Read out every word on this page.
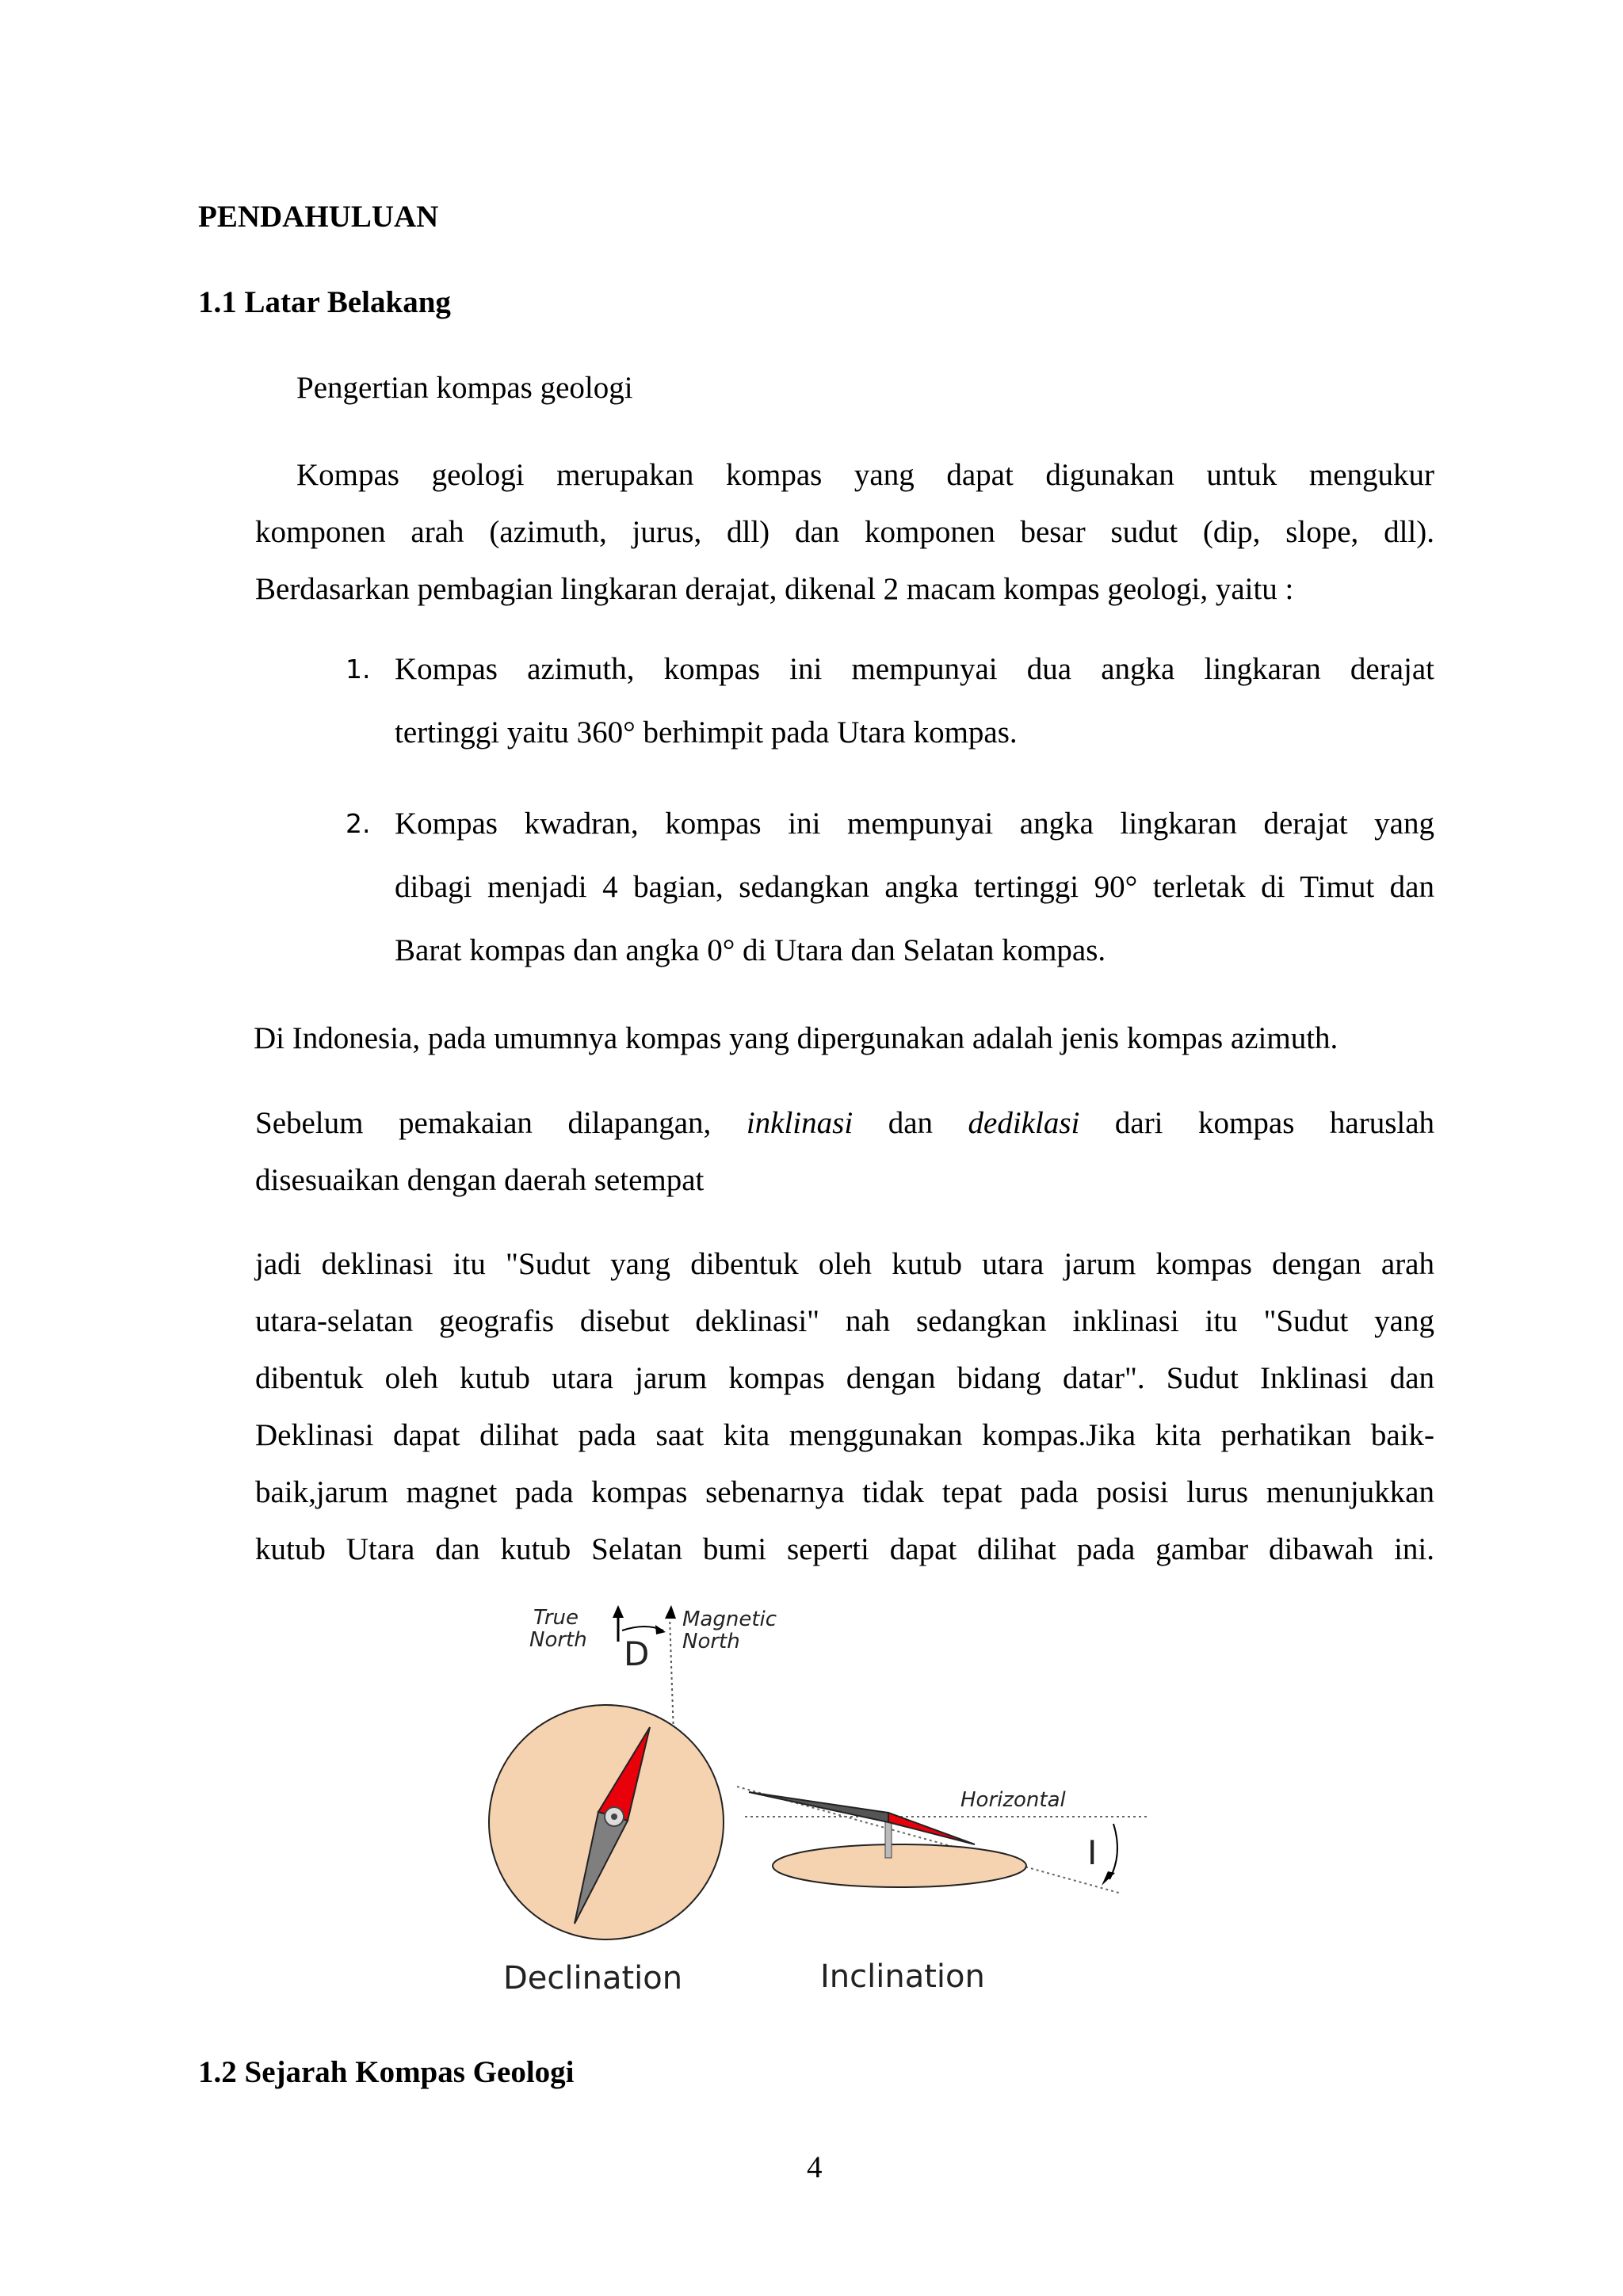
PENDAHULUAN
1.1 Latar Belakang
Pengertian kompas geologi
Kompas geologi merupakan kompas yang dapat digunakan untuk mengukur
komponen arah (azimuth, jurus, dll) dan komponen besar sudut (dip, slope, dll).
Berdasarkan pembagian lingkaran derajat, dikenal 2 macam kompas geologi, yaitu :
1. Kompas azimuth, kompas ini mempunyai dua angka lingkaran derajat
tertinggi yaitu 360° berhimpit pada Utara kompas.
2. Kompas kwadran, kompas ini mempunyai angka lingkaran derajat yang
dibagi menjadi 4 bagian, sedangkan angka tertinggi 90° terletak di Timut dan
Barat kompas dan angka 0° di Utara dan Selatan kompas.
Di Indonesia, pada umumnya kompas yang dipergunakan adalah jenis kompas azimuth.
Sebelum pemakaian dilapangan, inklinasi dan dediklasi dari kompas haruslah
disesuaikan dengan daerah setempat
jadi deklinasi itu "Sudut yang dibentuk oleh kutub utara jarum kompas dengan arah
utara-selatan geografis disebut deklinasi" nah sedangkan inklinasi itu "Sudut yang
dibentuk oleh kutub utara jarum kompas dengan bidang datar". Sudut Inklinasi dan
Deklinasi dapat dilihat pada saat kita menggunakan kompas.Jika kita perhatikan baik-
baik,jarum magnet pada kompas sebenarnya tidak tepat pada posisi lurus menunjukkan
kutub Utara dan kutub Selatan bumi seperti dapat dilihat pada gambar dibawah ini.
True
North D
Magnetic
North
Horizontal
I
Declination	Inclination
1.2 Sejarah Kompas Geologi
4
